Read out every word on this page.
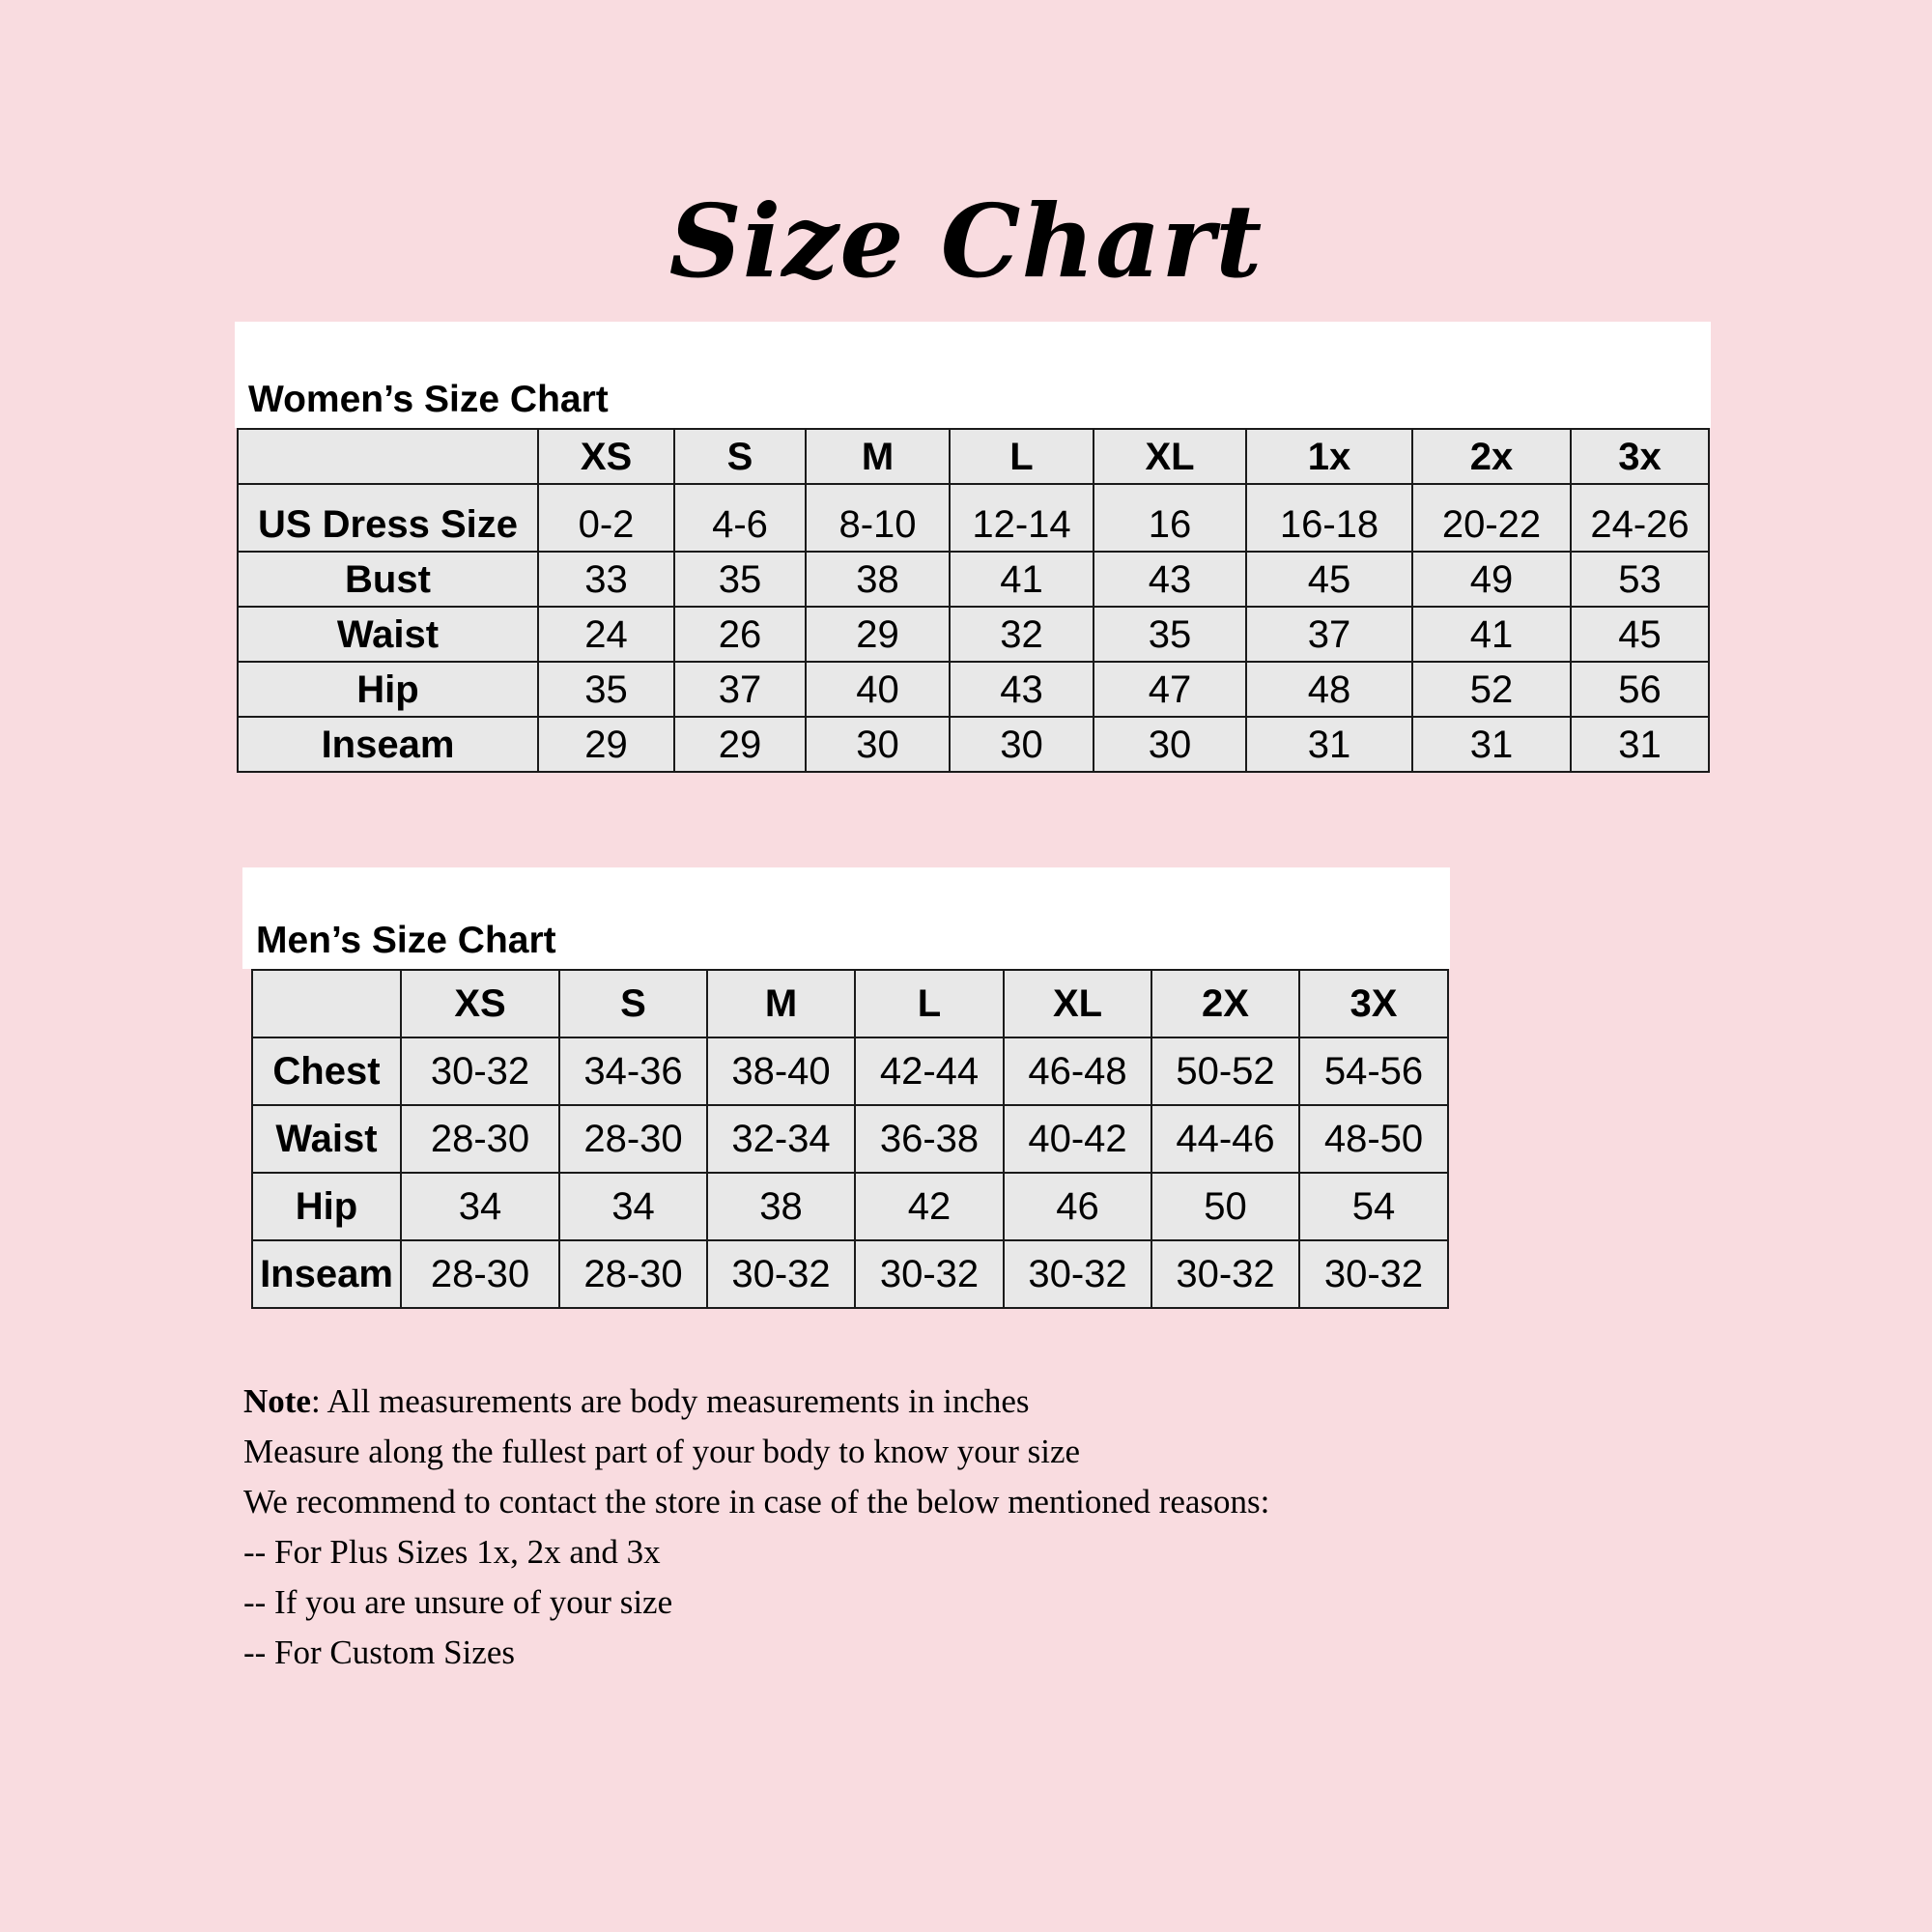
Size Chart
Women’s Size Chart
	XS	S	M	L	XL	1x	2x	3x
US Dress Size	0-2	4-6	8-10	12-14	16	16-18	20-22	24-26
Bust	33	35	38	41	43	45	49	53
Waist	24	26	29	32	35	37	41	45
Hip	35	37	40	43	47	48	52	56
Inseam	29	29	30	30	30	31	31	31
Men’s Size Chart
	XS	S	M	L	XL	2X	3X
Chest	30-32	34-36	38-40	42-44	46-48	50-52	54-56
Waist	28-30	28-30	32-34	36-38	40-42	44-46	48-50
Hip	34	34	38	42	46	50	54
Inseam	28-30	28-30	30-32	30-32	30-32	30-32	30-32

Note: All measurements are body measurements in inches

Measure along the fullest part of your body to know your size

We recommend to contact the store in case of the below mentioned reasons:

-- For Plus Sizes 1x, 2x and 3x

-- If you are unsure of your size

-- For Custom Sizes
